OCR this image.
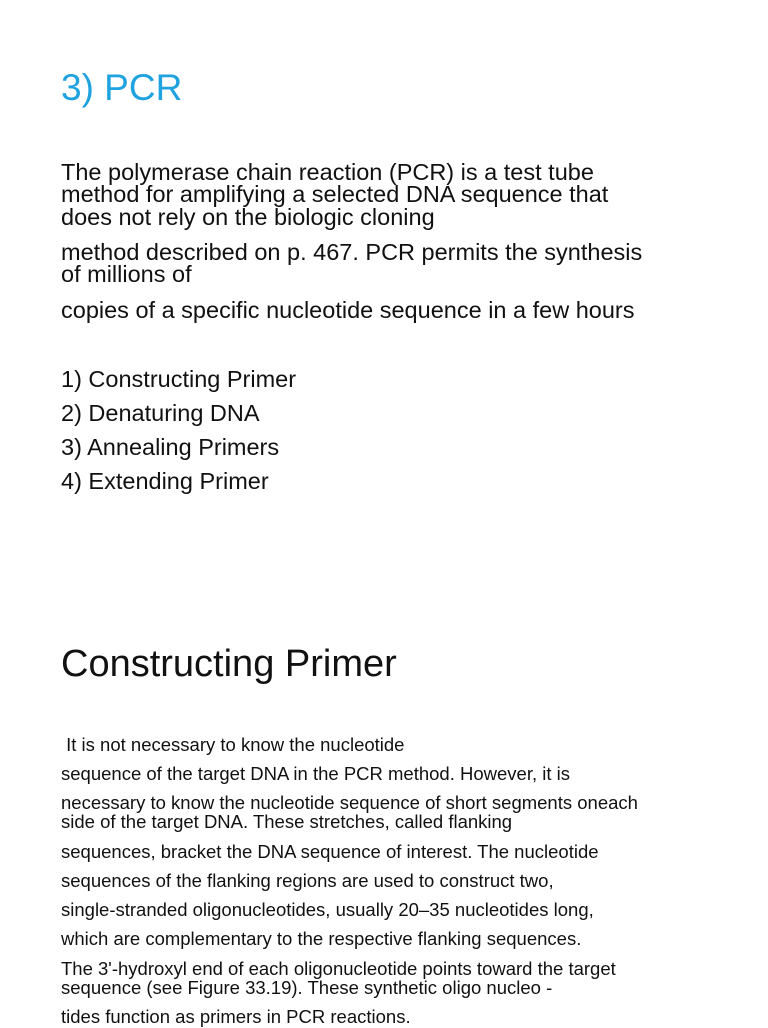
3) PCR

The polymerase chain reaction (PCR) is a test tube
method for amplifying a selected DNA sequence that
does not rely on the biologic cloning

method described on p. 467. PCR permits the synthesis
of millions of

copies of a specific nucleotide sequence in a few hours

1) Constructing Primer
2) Denaturing DNA
3) Annealing Primers
4) Extending Primer
Constructing Primer

It is not necessary to know the nucleotide

sequence of the target DNA in the PCR method. However, it is

necessary to know the nucleotide sequence of short segments oneach
side of the target DNA. These stretches, called flanking

sequences, bracket the DNA sequence of interest. The nucleotide

sequences of the flanking regions are used to construct two,

single-stranded oligonucleotides, usually 20–35 nucleotides long,

which are complementary to the respective flanking sequences.

The 3'-hydroxyl end of each oligonucleotide points toward the target
sequence (see Figure 33.19). These synthetic oligo nucleo -

tides function as primers in PCR reactions.
